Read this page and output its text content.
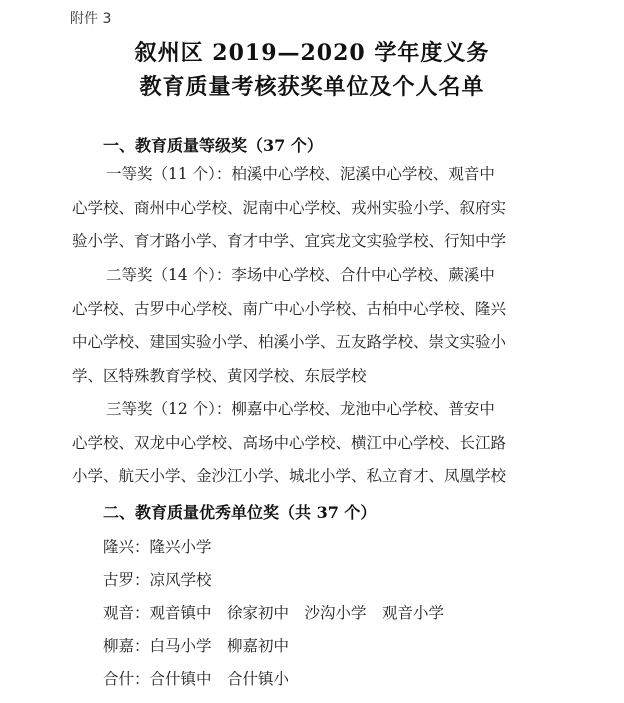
附件 3
叙州区 2019—2020 学年度义务
教育质量考核获奖单位及个人名单
一、教育质量等级奖（37 个）
一等奖（11 个）：柏溪中心学校、泥溪中心学校、观音中
心学校、商州中心学校、泥南中心学校、戎州实验小学、叙府实
验小学、育才路小学、育才中学、宜宾龙文实验学校、行知中学
二等奖（14 个）：李场中心学校、合什中心学校、蕨溪中
心学校、古罗中心学校、南广中心小学校、古柏中心学校、隆兴
中心学校、建国实验小学、柏溪小学、五友路学校、崇文实验小
学、区特殊教育学校、黄冈学校、东辰学校
三等奖（12 个）：柳嘉中心学校、龙池中心学校、普安中
心学校、双龙中心学校、高场中心学校、横江中心学校、长江路
小学、航天小学、金沙江小学、城北小学、私立育才、凤凰学校
二、教育质量优秀单位奖（共 37 个）
隆兴：隆兴小学
古罗：凉风学校
观音：观音镇中　徐家初中　沙沟小学　观音小学
柳嘉：白马小学　柳嘉初中
合什：合什镇中　合什镇小
